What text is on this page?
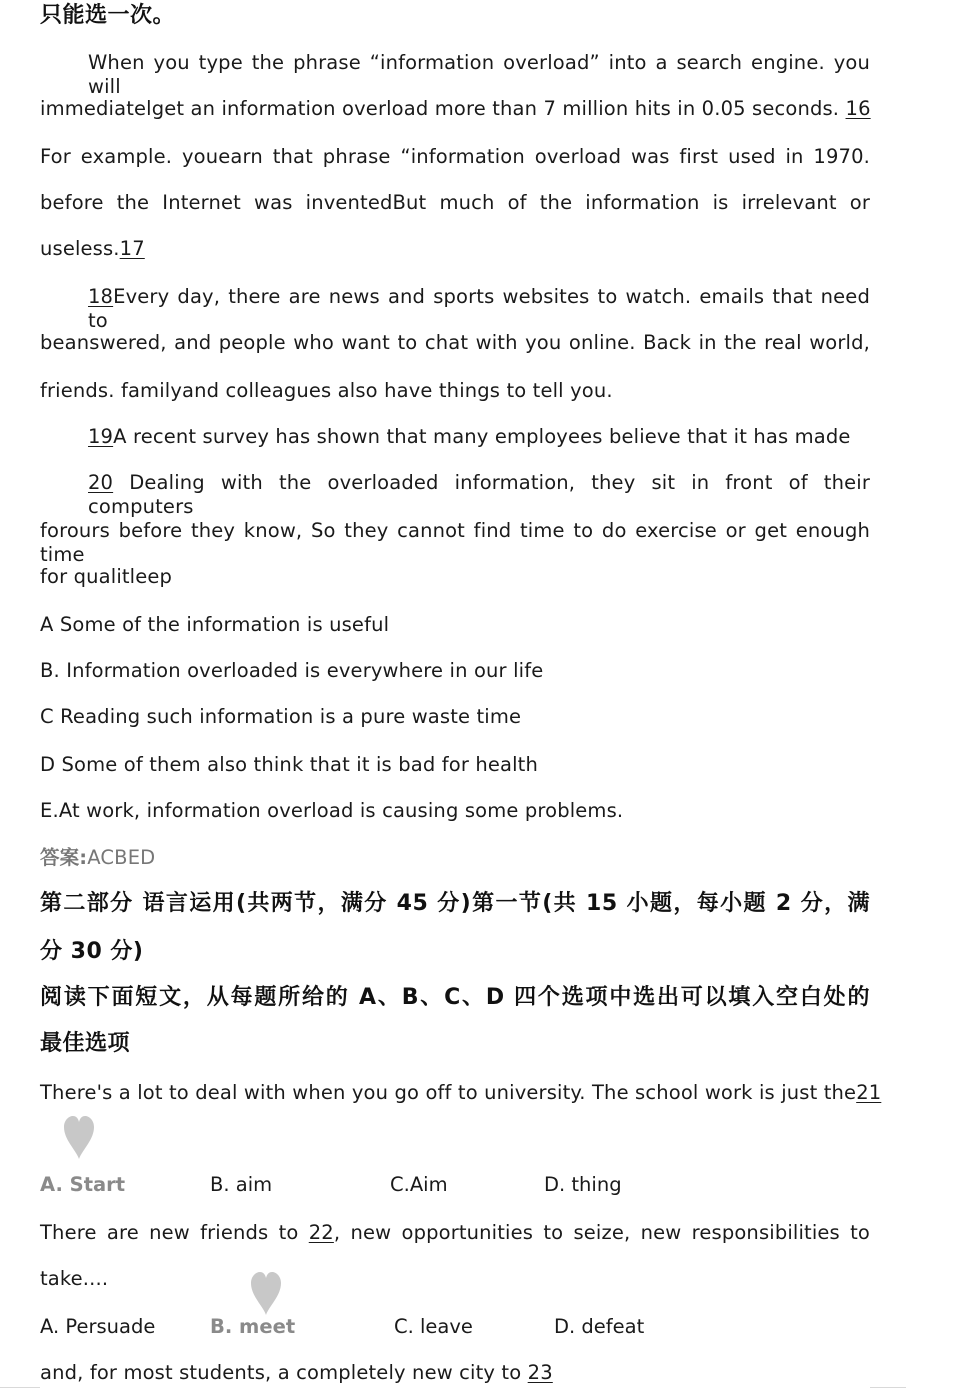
只能选一次。
When you type the phrase “information overload” into a search engine. you will
immediatelget an information overload more than 7 million hits in 0.05 seconds. 16
For example. youearn that phrase “information overload was first used in 1970.
before the Internet was inventedBut much of the information is irrelevant or
useless.17
18Every day, there are news and sports websites to watch. emails that need to
beanswered, and people who want to chat with you online. Back in the real world,
friends. familyand colleagues also have things to tell you.
19A recent survey has shown that many employees believe that it has made
20 Dealing with the overloaded information, they sit in front of their computers
forours before they know, So they cannot find time to do exercise or get enough time
for qualitleep
A Some of the information is useful
B. Information overloaded is everywhere in our life
C Reading such information is a pure waste time
D Some of them also think that it is bad for health
E.At work, information overload is causing some problems.
答案:ACBED
第二部分 语言运用(共两节，满分 45 分)第一节(共 15 小题，每小题 2 分，满
分 30 分)
阅读下面短文，从每题所给的 A、B、C、D 四个选项中选出可以填入空白处的
最佳选项
There's a lot to deal with when you go off to university. The school work is just the21
A. Start	B. aim	C.Aim	D. thing
There are new friends to 22, new opportunities to seize, new responsibilities to
take....
A. Persuade	B. meet	C. leave	D. defeat
and, for most students, a completely new city to 23
